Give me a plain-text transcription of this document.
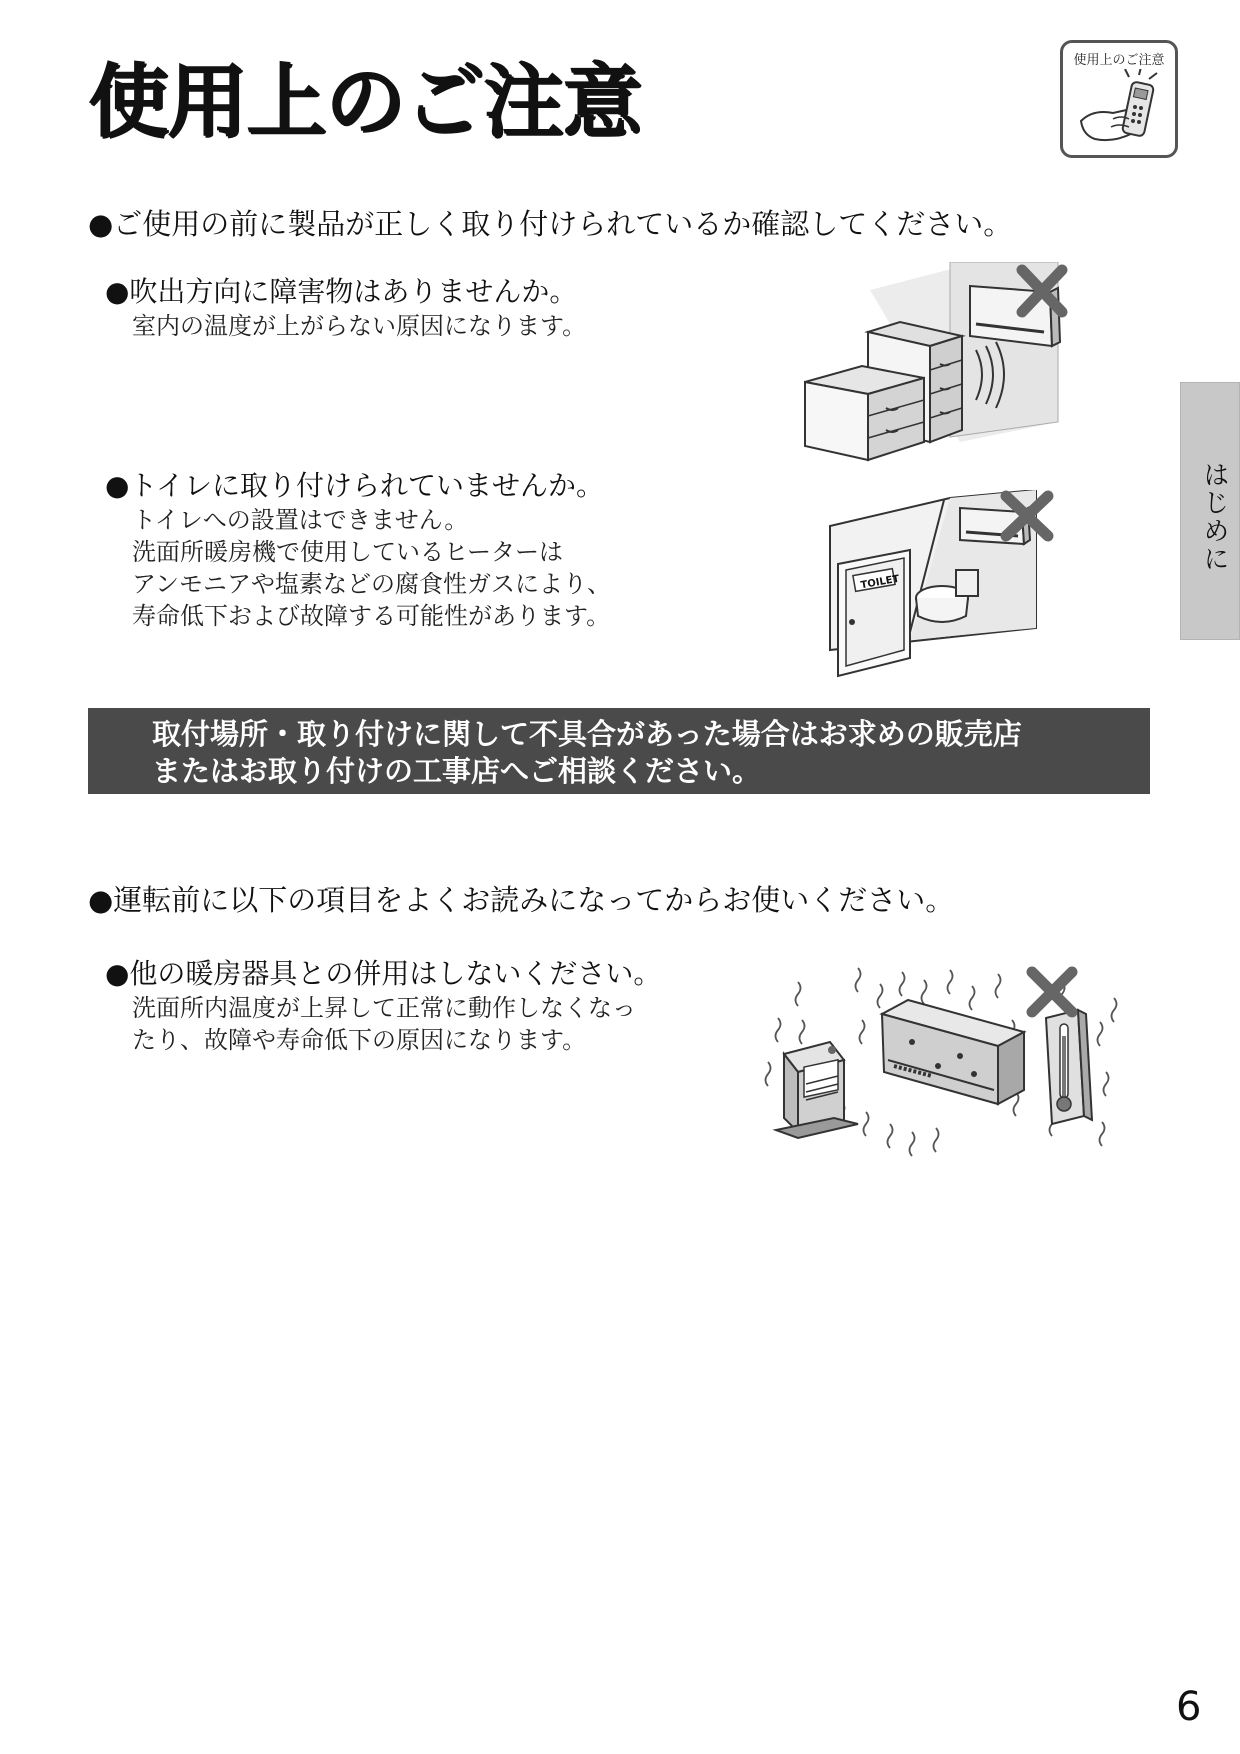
使用上のご注意	使用上のご注意
はじめに
●ご使用の前に製品が正しく取り付けられているか確認してください。
●吹出方向に障害物はありませんか。
室内の温度が上がらない原因になります。
●トイレに取り付けられていませんか。
トイレへの設置はできません。
洗面所暖房機で使用しているヒーターは
アンモニアや塩素などの腐食性ガスにより、
寿命低下および故障する可能性があります。
TOILET
取付場所・取り付けに関して不具合があった場合はお求めの販売店
またはお取り付けの工事店へご相談ください。
●運転前に以下の項目をよくお読みになってからお使いください。
●他の暖房器具との併用はしないください。
洗面所内温度が上昇して正常に動作しなくなっ
たり、故障や寿命低下の原因になります。
6
